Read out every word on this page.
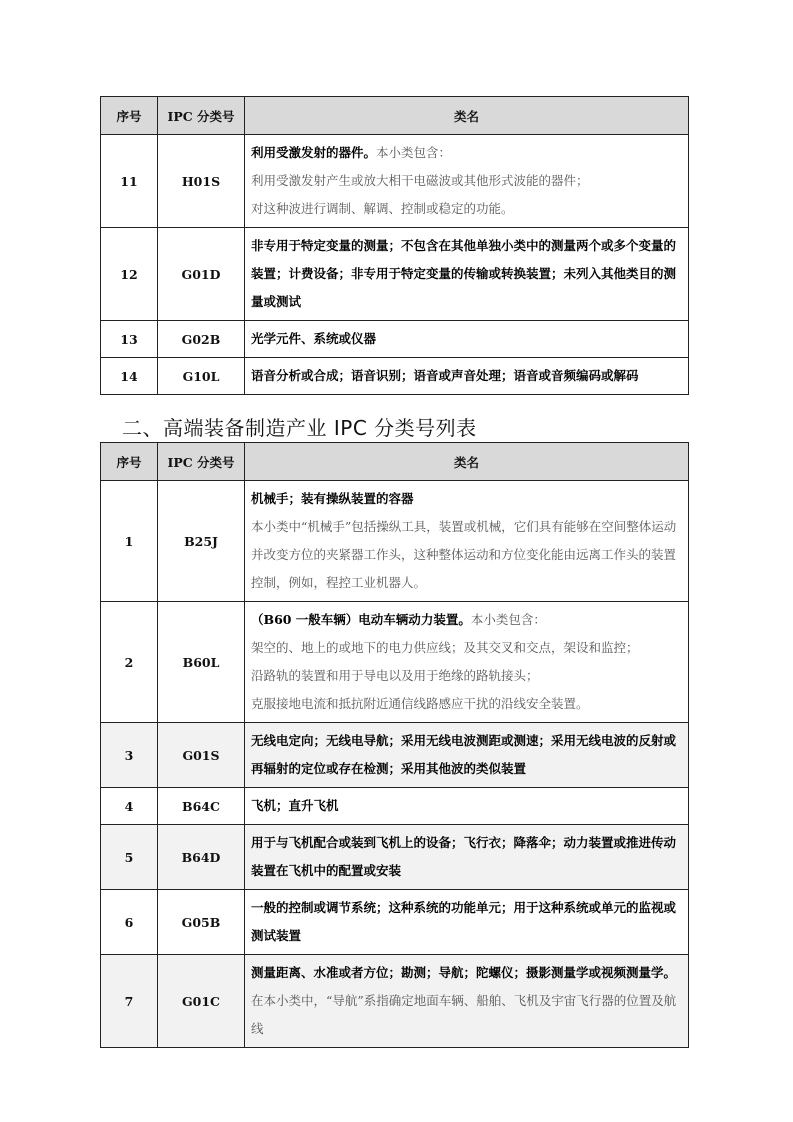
序号	IPC 分类号	类名
11	H01S	利用受激发射的器件。本小类包含：
利用受激发射产生或放大相干电磁波或其他形式波能的器件；
对这种波进行调制、解调、控制或稳定的功能。
12	G01D	非专用于特定变量的测量；不包含在其他单独小类中的测量两个或多个变量的装置；计费设备；非专用于特定变量的传输或转换装置；未列入其他类目的测量或测试
13	G02B	光学元件、系统或仪器
14	G10L	语音分析或合成；语音识别；语音或声音处理；语音或音频编码或解码
二、高端装备制造产业 IPC 分类号列表
序号	IPC 分类号	类名
1	B25J	机械手；装有操纵装置的容器
本小类中“机械手”包括操纵工具，装置或机械，它们具有能够在空间整体运动并改变方位的夹紧器工作头，这种整体运动和方位变化能由远离工作头的装置控制，例如，程控工业机器人。
2	B60L	（B60 一般车辆）电动车辆动力装置。本小类包含：
架空的、地上的或地下的电力供应线；及其交叉和交点，架设和监控；
沿路轨的装置和用于导电以及用于绝缘的路轨接头；
克服接地电流和抵抗附近通信线路感应干扰的沿线安全装置。
3	G01S	无线电定向；无线电导航；采用无线电波测距或测速；采用无线电波的反射或再辐射的定位或存在检测；采用其他波的类似装置
4	B64C	飞机；直升飞机
5	B64D	用于与飞机配合或装到飞机上的设备；飞行衣；降落伞；动力装置或推进传动装置在飞机中的配置或安装
6	G05B	一般的控制或调节系统；这种系统的功能单元；用于这种系统或单元的监视或测试装置
7	G01C	测量距离、水准或者方位；勘测；导航；陀螺仪；摄影测量学或视频测量学。在本小类中，“导航”系指确定地面车辆、船舶、飞机及宇宙飞行器的位置及航线
